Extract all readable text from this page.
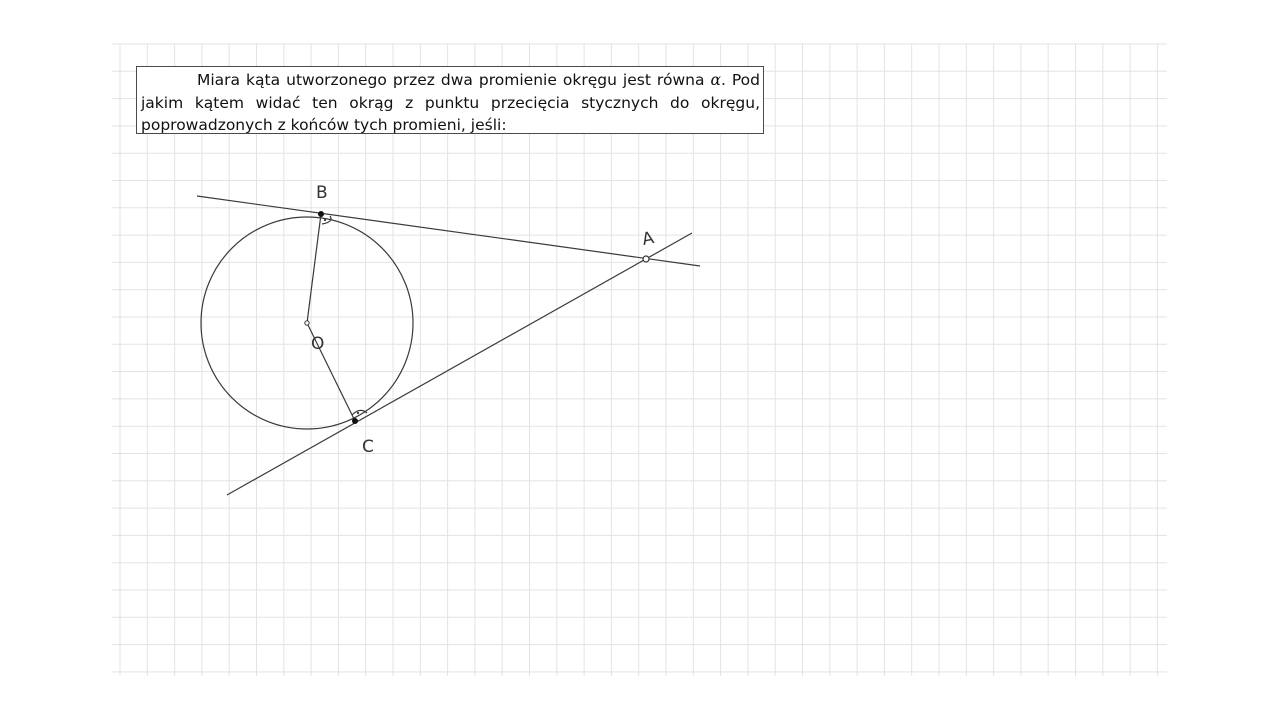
B
A
C
O
Miara kąta utworzonego przez dwa promienie okręgu jest równa α. Pod jakim kątem widać ten okrąg z punktu przecięcia stycznych do okręgu, poprowadzonych z końców tych promieni, jeśli:
